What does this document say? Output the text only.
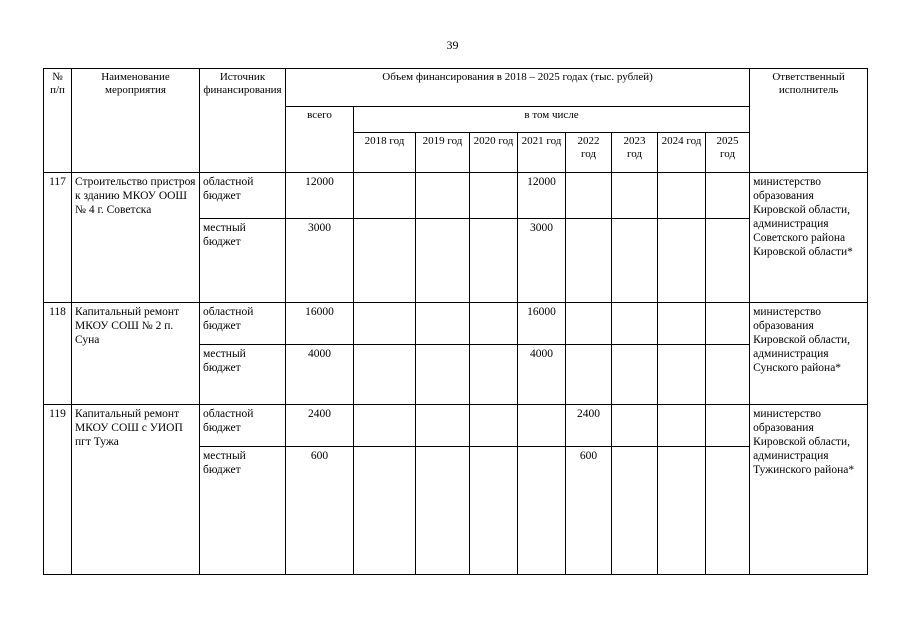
39
№ п/п	Наименование мероприятия	Источник финансирования	Объем финансирования в 2018 – 2025 годах (тыс. рублей)									Ответственный исполнитель
			всего	в том числе								
				2018 год	2019 год	2020 год	2021 год	2022 год	2023 год	2024 год	2025 год	
117	Строительство пристроя к зданию МКОУ ООШ № 4 г. Советска	областной бюджет	12000				12000					министерство образования Кировской области, администрация Советского района Кировской области*
		местный бюджет	3000				3000					
118	Капитальный ремонт МКОУ СОШ № 2 п. Суна	областной бюджет	16000				16000					министерство образования Кировской области, администрация Сунского района*
		местный бюджет	4000				4000					
119	Капитальный ремонт МКОУ СОШ с УИОП пгт Тужа	областной бюджет	2400					2400				министерство образования Кировской области, администрация Тужинского района*
		местный бюджет	600					600				
